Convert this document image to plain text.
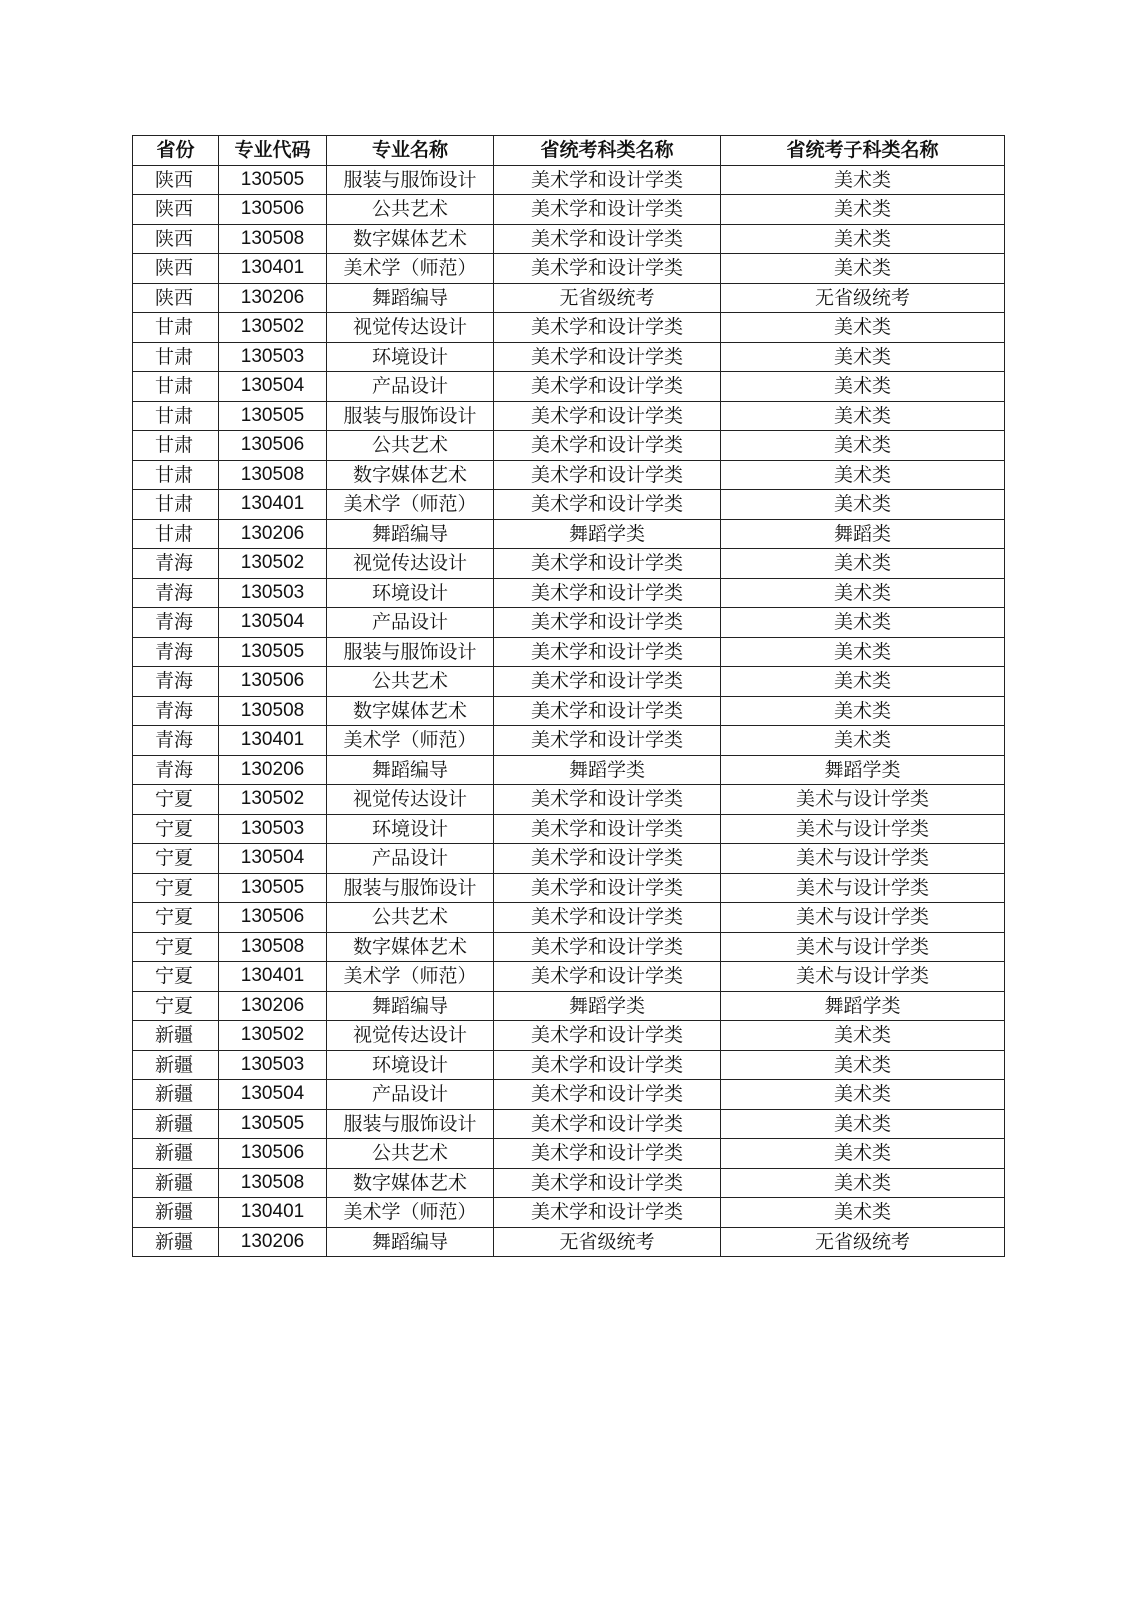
省份	专业代码	专业名称	省统考科类名称	省统考子科类名称
陕西	130505	服装与服饰设计	美术学和设计学类	美术类
陕西	130506	公共艺术	美术学和设计学类	美术类
陕西	130508	数字媒体艺术	美术学和设计学类	美术类
陕西	130401	美术学（师范）	美术学和设计学类	美术类
陕西	130206	舞蹈编导	无省级统考	无省级统考
甘肃	130502	视觉传达设计	美术学和设计学类	美术类
甘肃	130503	环境设计	美术学和设计学类	美术类
甘肃	130504	产品设计	美术学和设计学类	美术类
甘肃	130505	服装与服饰设计	美术学和设计学类	美术类
甘肃	130506	公共艺术	美术学和设计学类	美术类
甘肃	130508	数字媒体艺术	美术学和设计学类	美术类
甘肃	130401	美术学（师范）	美术学和设计学类	美术类
甘肃	130206	舞蹈编导	舞蹈学类	舞蹈类
青海	130502	视觉传达设计	美术学和设计学类	美术类
青海	130503	环境设计	美术学和设计学类	美术类
青海	130504	产品设计	美术学和设计学类	美术类
青海	130505	服装与服饰设计	美术学和设计学类	美术类
青海	130506	公共艺术	美术学和设计学类	美术类
青海	130508	数字媒体艺术	美术学和设计学类	美术类
青海	130401	美术学（师范）	美术学和设计学类	美术类
青海	130206	舞蹈编导	舞蹈学类	舞蹈学类
宁夏	130502	视觉传达设计	美术学和设计学类	美术与设计学类
宁夏	130503	环境设计	美术学和设计学类	美术与设计学类
宁夏	130504	产品设计	美术学和设计学类	美术与设计学类
宁夏	130505	服装与服饰设计	美术学和设计学类	美术与设计学类
宁夏	130506	公共艺术	美术学和设计学类	美术与设计学类
宁夏	130508	数字媒体艺术	美术学和设计学类	美术与设计学类
宁夏	130401	美术学（师范）	美术学和设计学类	美术与设计学类
宁夏	130206	舞蹈编导	舞蹈学类	舞蹈学类
新疆	130502	视觉传达设计	美术学和设计学类	美术类
新疆	130503	环境设计	美术学和设计学类	美术类
新疆	130504	产品设计	美术学和设计学类	美术类
新疆	130505	服装与服饰设计	美术学和设计学类	美术类
新疆	130506	公共艺术	美术学和设计学类	美术类
新疆	130508	数字媒体艺术	美术学和设计学类	美术类
新疆	130401	美术学（师范）	美术学和设计学类	美术类
新疆	130206	舞蹈编导	无省级统考	无省级统考
